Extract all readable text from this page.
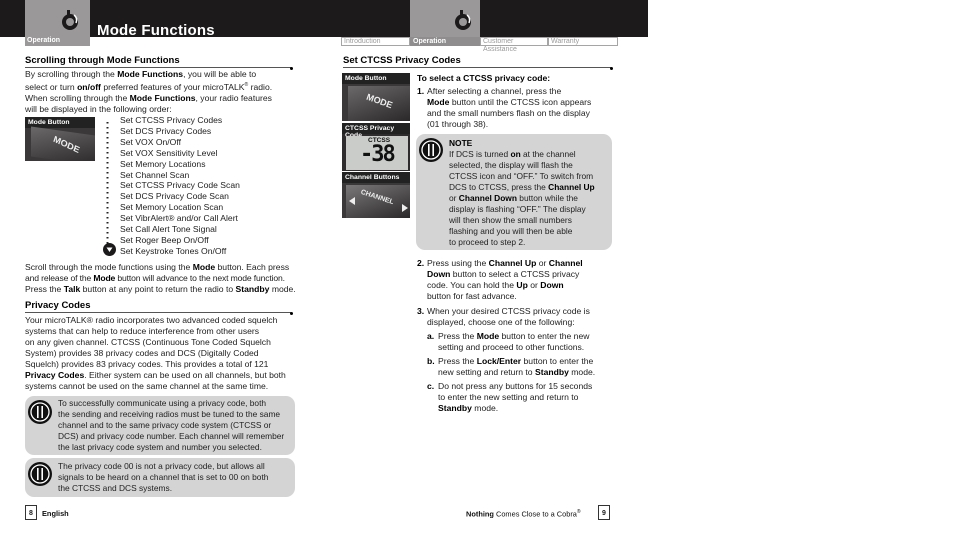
Operation
Mode Functions
Introduction	Operation	Customer Assistance
Warranty
Scrolling through Mode Functions
By scrolling through the Mode Functions, you will be able to
select or turn on/off preferred features of your microTALK® radio.
When scrolling through the Mode Functions, your radio features
will be displayed in the following order:
Mode Button
MODE
Set CTCSS Privacy Codes
Set DCS Privacy Codes
Set VOX On/Off
Set VOX Sensitivity Level
Set Memory Locations
Set Channel Scan
Set CTCSS Privacy Code Scan
Set DCS Privacy Code Scan
Set Memory Location Scan
Set VibrAlert® and/or Call Alert
Set Call Alert Tone Signal
Set Roger Beep On/Off
Set Keystroke Tones On/Off
Scroll through the mode functions using the Mode button. Each press
and release of the Mode button will advance to the next mode function.
Press the Talk button at any point to return the radio to Standby mode.
Privacy Codes
Your microTALK® radio incorporates two advanced coded squelch
systems that can help to reduce interference from other users
on any given channel. CTCSS (Continuous Tone Coded Squelch
System) provides 38 privacy codes and DCS (Digitally Coded
Squelch) provides 83 privacy codes. This provides a total of 121
Privacy Codes. Either system can be used on all channels, but both
systems cannot be used on the same channel at the same time.
To successfully communicate using a privacy code, both
the sending and receiving radios must be tuned to the same
channel and to the same privacy code system (CTCSS or
DCS) and privacy code number. Each channel will remember
the last privacy code system and number you selected.
The privacy code 00 is not a privacy code, but allows all
signals to be heard on a channel that is set to 00 on both
the CTCSS and DCS systems.
8	English
Set CTCSS Privacy Codes
Mode Button
MODE
CTCSS Privacy
CTCSS
-38
Channel Buttons
CHANNEL
To select a CTCSS privacy code:
1. After selecting a channel, press the
Mode button until the CTCSS icon appears
and the small numbers flash on the display
(01 through 38).
NOTE
If DCS is turned on at the channel
selected, the display will flash the
CTCSS icon and “OFF.” To switch from
DCS to CTCSS, press the Channel Up
or Channel Down button while the
display is flashing “OFF.” The display
will then show the small numbers
flashing and you will then be able
to proceed to step 2.
2. Press using the Channel Up or Channel
Down button to select a CTCSS privacy
code. You can hold the Up or Down
button for fast advance.
3. When your desired CTCSS privacy code is
displayed, choose one of the following:
a. Press the Mode button to enter the new
setting and proceed to other functions.
b. Press the Lock/Enter button to enter the
new setting and return to Standby mode.
c. Do not press any buttons for 15 seconds
to enter the new setting and return to
Standby mode.
Nothing Comes Close to a Cobra®	9
